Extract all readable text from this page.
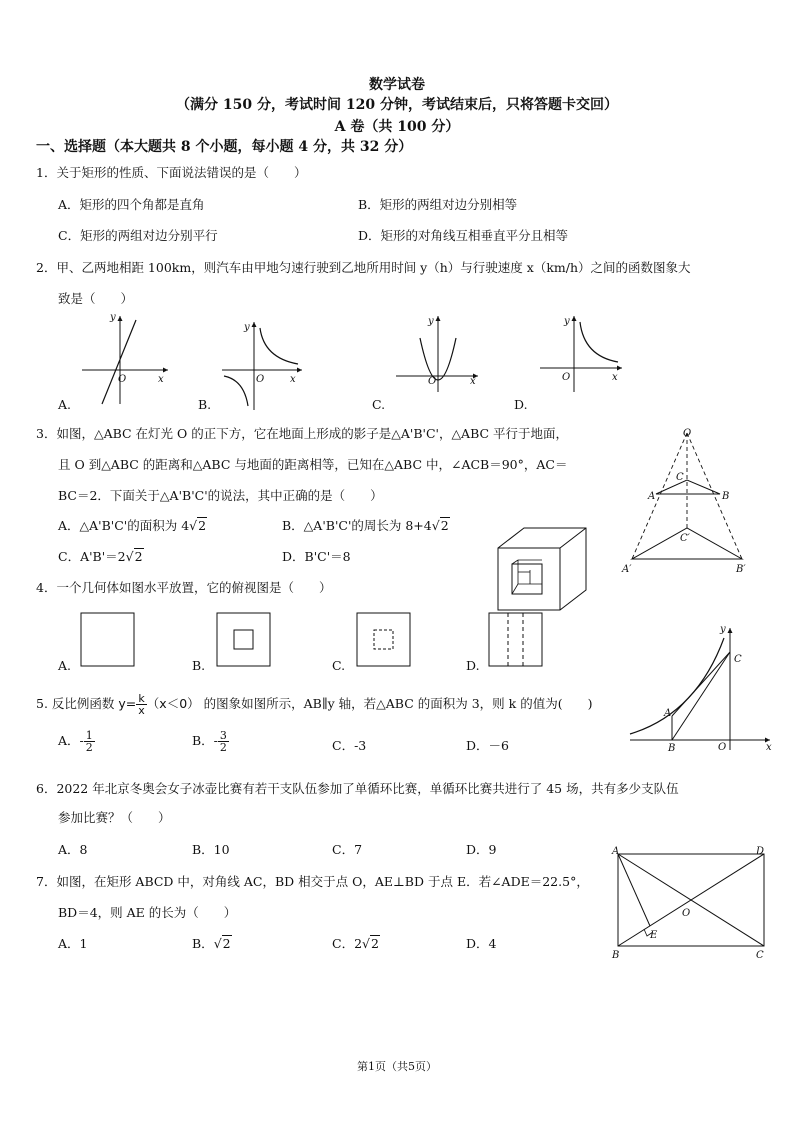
数学试卷
（满分 150 分，考试时间 120 分钟，考试结束后，只将答题卡交回）
A 卷（共 100 分）
一、选择题（本大题共 8 个小题，每小题 4 分，共 32 分）
1．关于矩形的性质、下面说法错误的是（　　）
A．矩形的四个角都是直角	B．矩形的两组对边分别相等
C．矩形的两组对边分别平行	D．矩形的对角线互相垂直平分且相等
2．甲、乙两地相距 100km，则汽车由甲地匀速行驶到乙地所用时间 y（h）与行驶速度 x（km/h）之间的函数图象大
致是（　　）
y
O	x
y
O	x
y
O	x
y
O	x
A.	B.	C.	D.
3．如图，△ABC 在灯光 O 的正下方，它在地面上形成的影子是△A'B'C'，△ABC 平行于地面，
且 O 到△ABC 的距离和△ABC 与地面的距离相等，已知在△ABC 中，∠ACB＝90°，AC＝
BC＝2．下面关于△A'B'C'的说法，其中正确的是（　　）
A．△A'B'C'的面积为 4√2	B．△A'B'C'的周长为 8+4√2
C．A'B'＝2√2	D．B'C'＝8
O
A	B
C
A′	B′
C′
4．一个几何体如图水平放置，它的俯视图是（　　）
A.	B.	C.	D.
5. 反比例函数 $y= \frac{k}{x} (x<0)$ 的图象如图所示，AB∥y 轴，若△ABC 的面积为 3，则 k 的值为(　　)
A．- $\frac{1}{2}$	B．- $\frac{3}{2}$	C．-3	D．－6
y
x
O
A
B
C
6．2022 年北京冬奥会女子冰壶比赛有若干支队伍参加了单循环比赛，单循环比赛共进行了 45 场，共有多少支队伍
参加比赛？（　　）
A．8	B．10	C．7	D．9
7．如图，在矩形 ABCD 中，对角线 AC，BD 相交于点 O，AE⊥BD 于点 E．若∠ADE＝22.5°，
BD＝4，则 AE 的长为（　　）
A．1	B．√2	C．2√2	D．4
A	D
B	C
O
E
第1页（共5页）
